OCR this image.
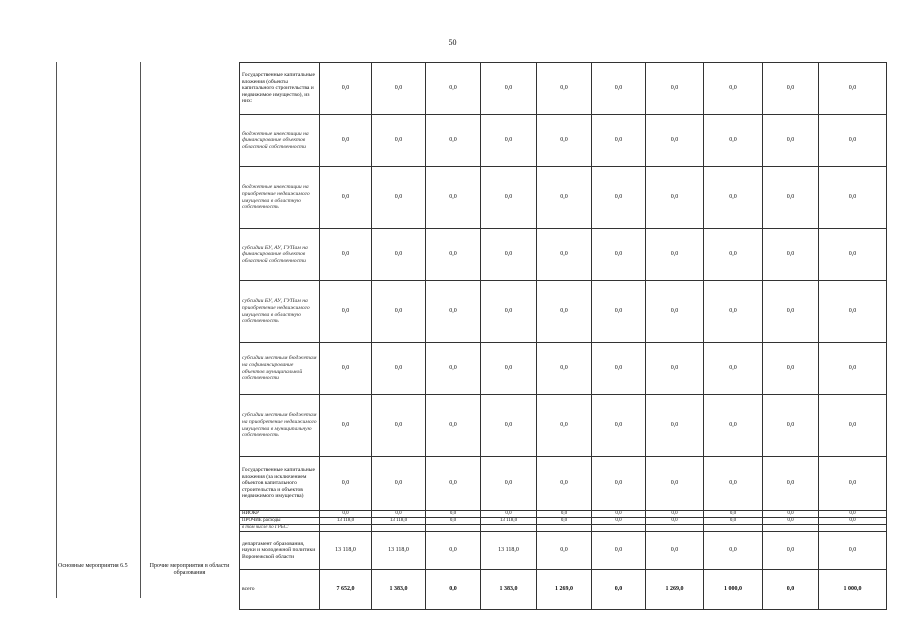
50
Основные мероприятия 6.5	Прочие мероприятия в области образования
Государственные капитальные вложения (объекты капитального строительства и недвижимое имущество), из них:	0,0	0,0	0,0	0,0	0,0	0,0	0,0	0,0	0,0	0,0
бюджетные инвестиции на финансирование объектов областной собственности	0,0	0,0	0,0	0,0	0,0	0,0	0,0	0,0	0,0	0,0
бюджетные инвестиции на приобретение недвижимого имущества в областную собственность	0,0	0,0	0,0	0,0	0,0	0,0	0,0	0,0	0,0	0,0
субсидии БУ, АУ, ГУПам на финансирование объектов областной собственности	0,0	0,0	0,0	0,0	0,0	0,0	0,0	0,0	0,0	0,0
субсидии БУ, АУ, ГУПам на приобретение недвижимого имущества в областную собственность	0,0	0,0	0,0	0,0	0,0	0,0	0,0	0,0	0,0	0,0
субсидии местным бюджетам на софинансирование объектов муниципальной собственности	0,0	0,0	0,0	0,0	0,0	0,0	0,0	0,0	0,0	0,0
субсидии местным бюджетам на приобретение недвижимого имущества в муниципальную собственность	0,0	0,0	0,0	0,0	0,0	0,0	0,0	0,0	0,0	0,0
Государственные капитальные вложения (за исключением объектов капитального строительства и объектов недвижимого имущества)	0,0	0,0	0,0	0,0	0,0	0,0	0,0	0,0	0,0	0,0
НИОКР	0,0	0,0	0,0	0,0	0,0	0,0	0,0	0,0	0,0	0,0
ПРОЧИЕ расходы	13 118,0	13 118,0	0,0	13 118,0	0,0	0,0	0,0	0,0	0,0	0,0
в том числе по ГРБС:										
департамент образования, науки и молодежной политики Воронежской области	13 118,0	13 118,0	0,0	13 118,0	0,0	0,0	0,0	0,0	0,0	0,0
всего	7 652,0	1 383,0	0,0	1 383,0	1 269,0	0,0	1 269,0	1 000,0	0,0	1 000,0
